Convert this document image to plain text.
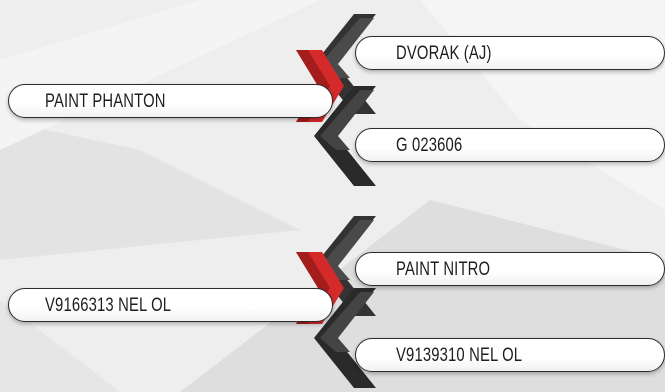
PAINT PHANTON
DVORAK (AJ)
G 023606
V9166313 NEL OL
PAINT NITRO
V9139310 NEL OL
